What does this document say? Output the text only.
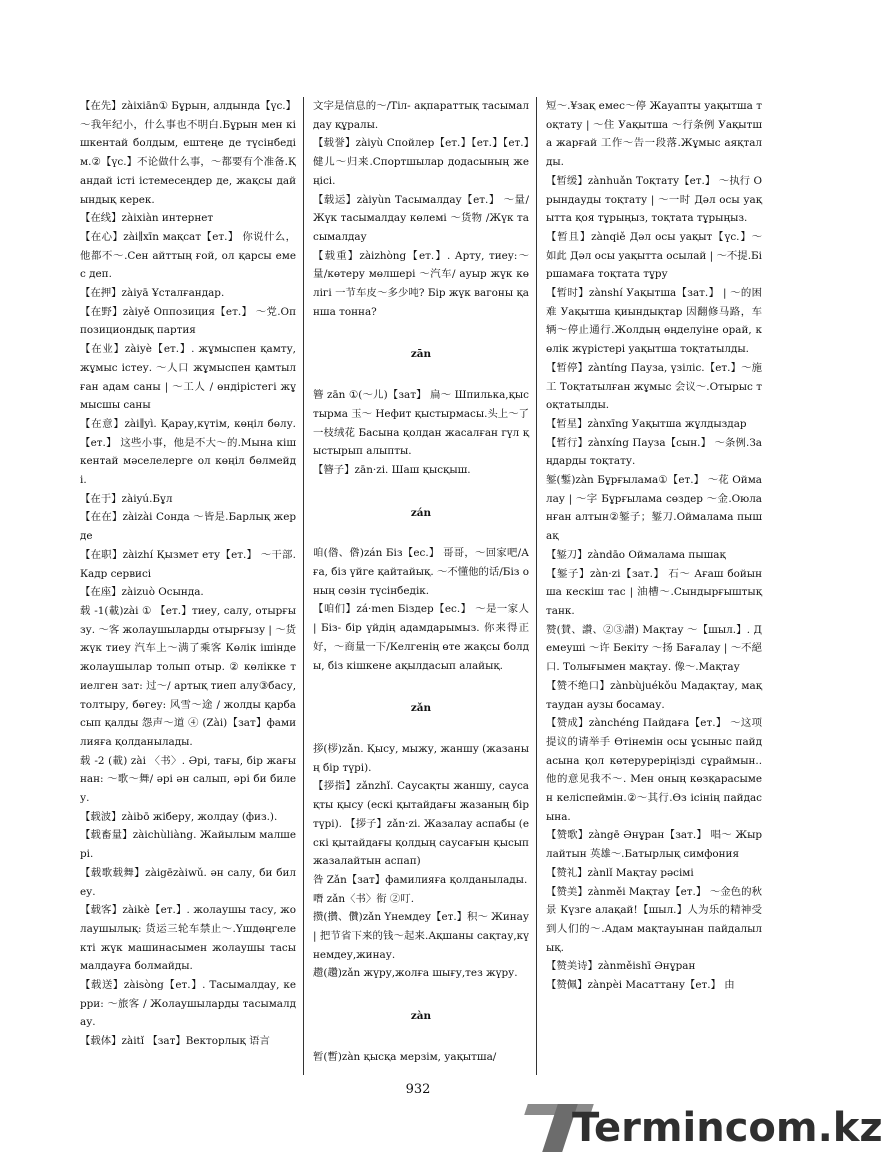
【在先】zàixiān① Бұрын, алдында【үс.】～我年纪小，什么事也不明白.Бұрын мен кішкентай болдым, ештеңе де түсінбедім.②【үс.】不论做什么事，～都要有个准备.Қандай істі істемесеңдер де, жақсы дайындық керек.

【在线】zàixiàn интернет

【在心】zài∥xīn мақсат【ет.】 你说什么，他都不～.Сен айттың ғой, ол қарсы емес деп.

【在押】zàiyā Ұсталғандар.

【在野】zàiyě Оппозиция【ет.】 ～党.Оппозициондық партия

【在业】zàiyè【ет.】. жұмыспен қамту, жұмыс істеу. ～人口 жұмыспен қамтылған адам саны | ～工人 / өндірістегі жұмысшы саны

【在意】zài∥yì. Қарау,күтім, көңіл бөлу.【ет.】 这些小事，他是不大～的.Мына кішкентай мәселелерге ол көңіл бөлмейді.

【在于】zàiyú.Бұл

【在在】zàizài Сонда ～皆是.Барлық жерде

【在职】zàizhí Қызмет ету【ет.】 ～干部.Кадр сервисі

【在座】zàizuò Осында.

载 -1(載)zài ① 【ет.】тиеу, салу, отырғызу. ～客 жолаушыларды отырғызу | ～货 жүк тиеу 汽车上～满了乘客 Көлік ішінде жолаушылар толып отыр. ② көлікке тиелген зат: 过～/ артық тиеп алу③басу, толтыру, бөгеу: 风雪～途 / жолды қарбасып қалды 怨声～道 ④ (Zài)【зат】фамилияға қолданылады.

载 -2 (載) zài 〈书〉. Әрі, тағы, бір жағынан: ～歌～舞/ әрі ән салып, әрі би билеу.

【载波】zàibō жіберу, жолдау (физ.).

【载畜量】zàichùliàng. Жайылым малшері.

【载歌载舞】zàigēzàiwǔ. ән салу, би билеу.

【载客】zàikè【ет.】. жолаушы тасу, жолаушылық: 货运三轮车禁止～.Үшдөңгелекті жүк машинасымен жолаушы тасымалдауға болмайды.

【载送】zàisòng【ет.】. Тасымалдау, керри: ～旅客 / Жолаушыларды тасымалдау.

【载体】zàitǐ 【зат】Векторлық 语言

文字是信息的～/Тіл- ақпараттық тасымалдау құралы.

【载誉】zàiyù Спойлер【ет.】【ет.】【ет.】健儿～归来.Спортшылар додасының жеңісі.

【载运】zàiyùn Тасымалдау【ет.】 ～量/ Жүк тасымалдау көлемі ～货物 /Жүк тасымалдау

【载重】zàizhòng【ет.】. Арту, тиеу:～量/көтеру мөлшері ～汽车/ ауыр жүк көлігі 一节车皮～多少吨? Бір жүк вагоны қанша тонна?

zān

簪 zān ①(～儿)【зат】 扁～ Шпилька,қыстырма 玉～ Нефит қыстырмасы.头上～了一枝绒花 Басына қолдан жасалған гүл қыстырып алыпты.

【簪子】zān·zi. Шаш қысқыш.

zán

咱(偺、倃)zán Біз【ес.】 哥哥，～回家吧/Аға, біз үйге қайтайық. ～不懂他的话/Біз оның сөзін түсінбедік.

【咱们】zá·men Біздер【ес.】 ～是一家人 | Біз- бір үйдің адамдарымыз. 你来得正好，～商量一下/Келгенің өте жақсы болды, біз кішкене ақылдасып алайық.

zǎn

拶(桚)zǎn. Қысу, мыжу, жаншу (жазаның бір түрі).

【拶指】zǎnzhǐ. Саусақты жаншу, саусақты қысу (ескі қытайдағы жазаның бір түрі). 【拶子】zǎn·zi. Жазалау аспабы (ескі қытайдағы қолдың саусағын қысып жазалайтын аспап)

昝 Zǎn【зат】фамилияға қолданылады.

噆 zǎn〈书〉衔 ②叮.

攒(攢、儹)zǎn Үнемдеу【ет.】积～ Жинау | 把节省下来的钱～起来.Ақшаны сақтау,күнемдеу,жинау.

趱(趲)zǎn жүру,жолға шығу,тез жүру.

zàn

暂(暫)zàn қысқа мерзім, уақытша/

短～.¥зақ емес～停 Жауапты уақытша тоқтату | ～住 Уақытша ～行条例 Уақытша жарғай 工作～告一段落.Жұмыс аяқталды.

【暂缓】zànhuǎn Тоқтату【ет.】 ～执行 Орындауды тоқтату | ～一时 Дәл осы уақытта қоя тұрыңыз, тоқтата тұрыңыз.

【暂且】zànqiě Дәл осы уақыт【үс.】～如此 Дәл осы уақытта осылай | ～不提.Біршамаға тоқтата тұру

【暂时】zànshí Уақытша【зат.】 | ～的困难 Уақытша қиындықтар 因翻修马路，车辆～停止通行.Жолдың өңделуіне орай, көлік жүрістері уақытша тоқтатылды.

【暂停】zàntíng Пауза, үзіліс.【ет.】～施工 Тоқтатылған жұмыс 会议～.Отырыс тоқтатылды.

【暂星】zànxīng Уақытша жұлдыздар

【暂行】zànxíng Пауза【сын.】 ～条例.Заңдарды тоқтату.

錾(鏨)zàn Бұрғылама①【ет.】 ～花 Оймалау | ～字 Бұрғылама сөздер ～金.Оюланған алтын②錾子；錾刀.Оймалама пышақ

【錾刀】zàndāo Оймалама пышақ

【錾子】zàn·zi【зат.】 石～ Ағаш бойынша кескіш тас | 油槽～.Сындырғыштық танк.

赞(賛、讚、②③譛) Мақтау ～【шыл.】. Демеуші ～许 Бекіту ～扬 Бағалау | ～不絕口. Толығымен мақтау. 像～.Мақтау

【赞不绝口】zànbùjuékǒu Мадақтау, мақтаудан аузы босамау.

【赞成】zànchéng Пайдаға【ет.】 ～这项提议的请举手 Өтінемін осы ұсыныс пайдасына қол көтеруреріңізді сұраймын.. 他的意见我不～. Мен оның көзқарасымен келіспеймін.②～其行.Өз ісінің пайдасына.

【赞歌】zàngē Әнұран【зат.】 唱～ Жырлайтын 英雄～.Батырлық симфония

【赞礼】zànlǐ Мақтау рәсімі

【赞美】zànměi Мақтау【ет.】 ～金色的秋景 Күзге алақай!【шыл.】人为乐的精神受到人们的～.Адам мақтауынан пайдалылық.

【赞美诗】zànměishī Әнұран

【赞佩】zànpèi Масаттану【ет.】 由

932
Termincom.kz
